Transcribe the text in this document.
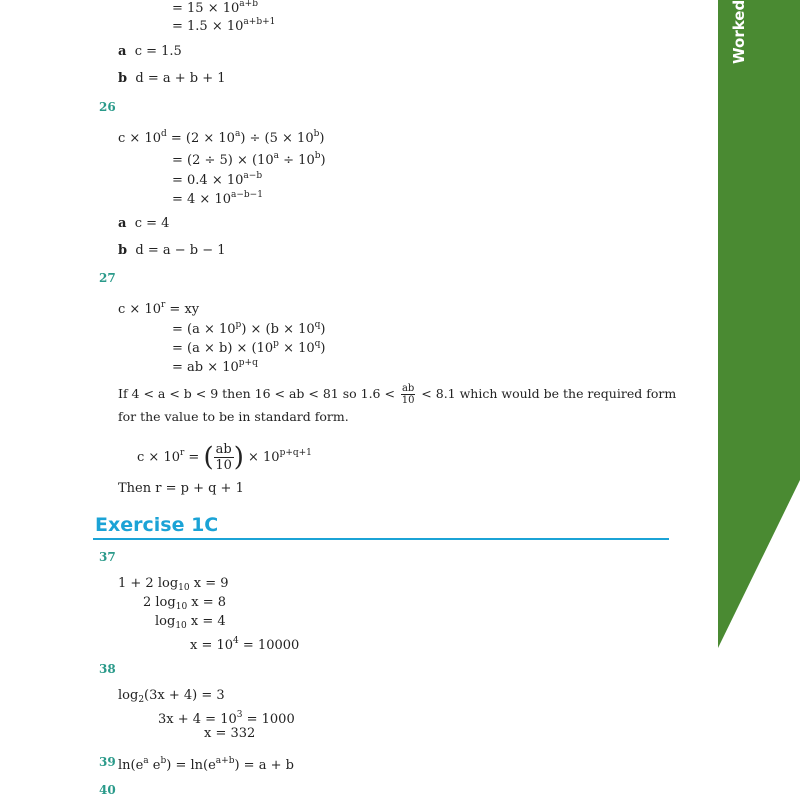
Worked
= $15 \times 10^{a+b}$
= $1.5 \times 10^{a+b+1}$
a c = 1.5
b d = a + b + 1
26
$c \times 10^d = (2 \times 10^a) \div (5 \times 10^b)$
= $(2 \div 5) \times (10^a \div 10^b)$
= $0.4 \times 10^{a-b}$
= $4 \times 10^{a-b-1}$
a c = 4
b d = a − b − 1
27
$c \times 10^r$ = xy
= $(a \times 10^p) \times (b \times 10^q)$
= $(a \times b) \times (10^p \times 10^q)$
= ab × $10^{p+q}$
If 4 < a < b < 9 then 16 < ab < 81 so $1.6 < \frac{ab}{10} < 8.1$ which would be the required form
for the value to be in standard form.
$c \times 10^r$ = ( $\frac{ab}{10}$ ) × $10^{p+q+1}$
Then r = p + q + 1
Exercise 1C
37
1 + 2 $\log_{10} x = 9$
2 $\log_{10} x = 8$
$\log_{10} x = 4$
$x = 10^4 = 10000$
38
$\log_2(3x + 4) = 3$
$3x + 4 = 10^3 = 1000$
x = 332
39 $\ln(e^a$ $e^b) = \ln(e^{a+b}) = a + b$
40
